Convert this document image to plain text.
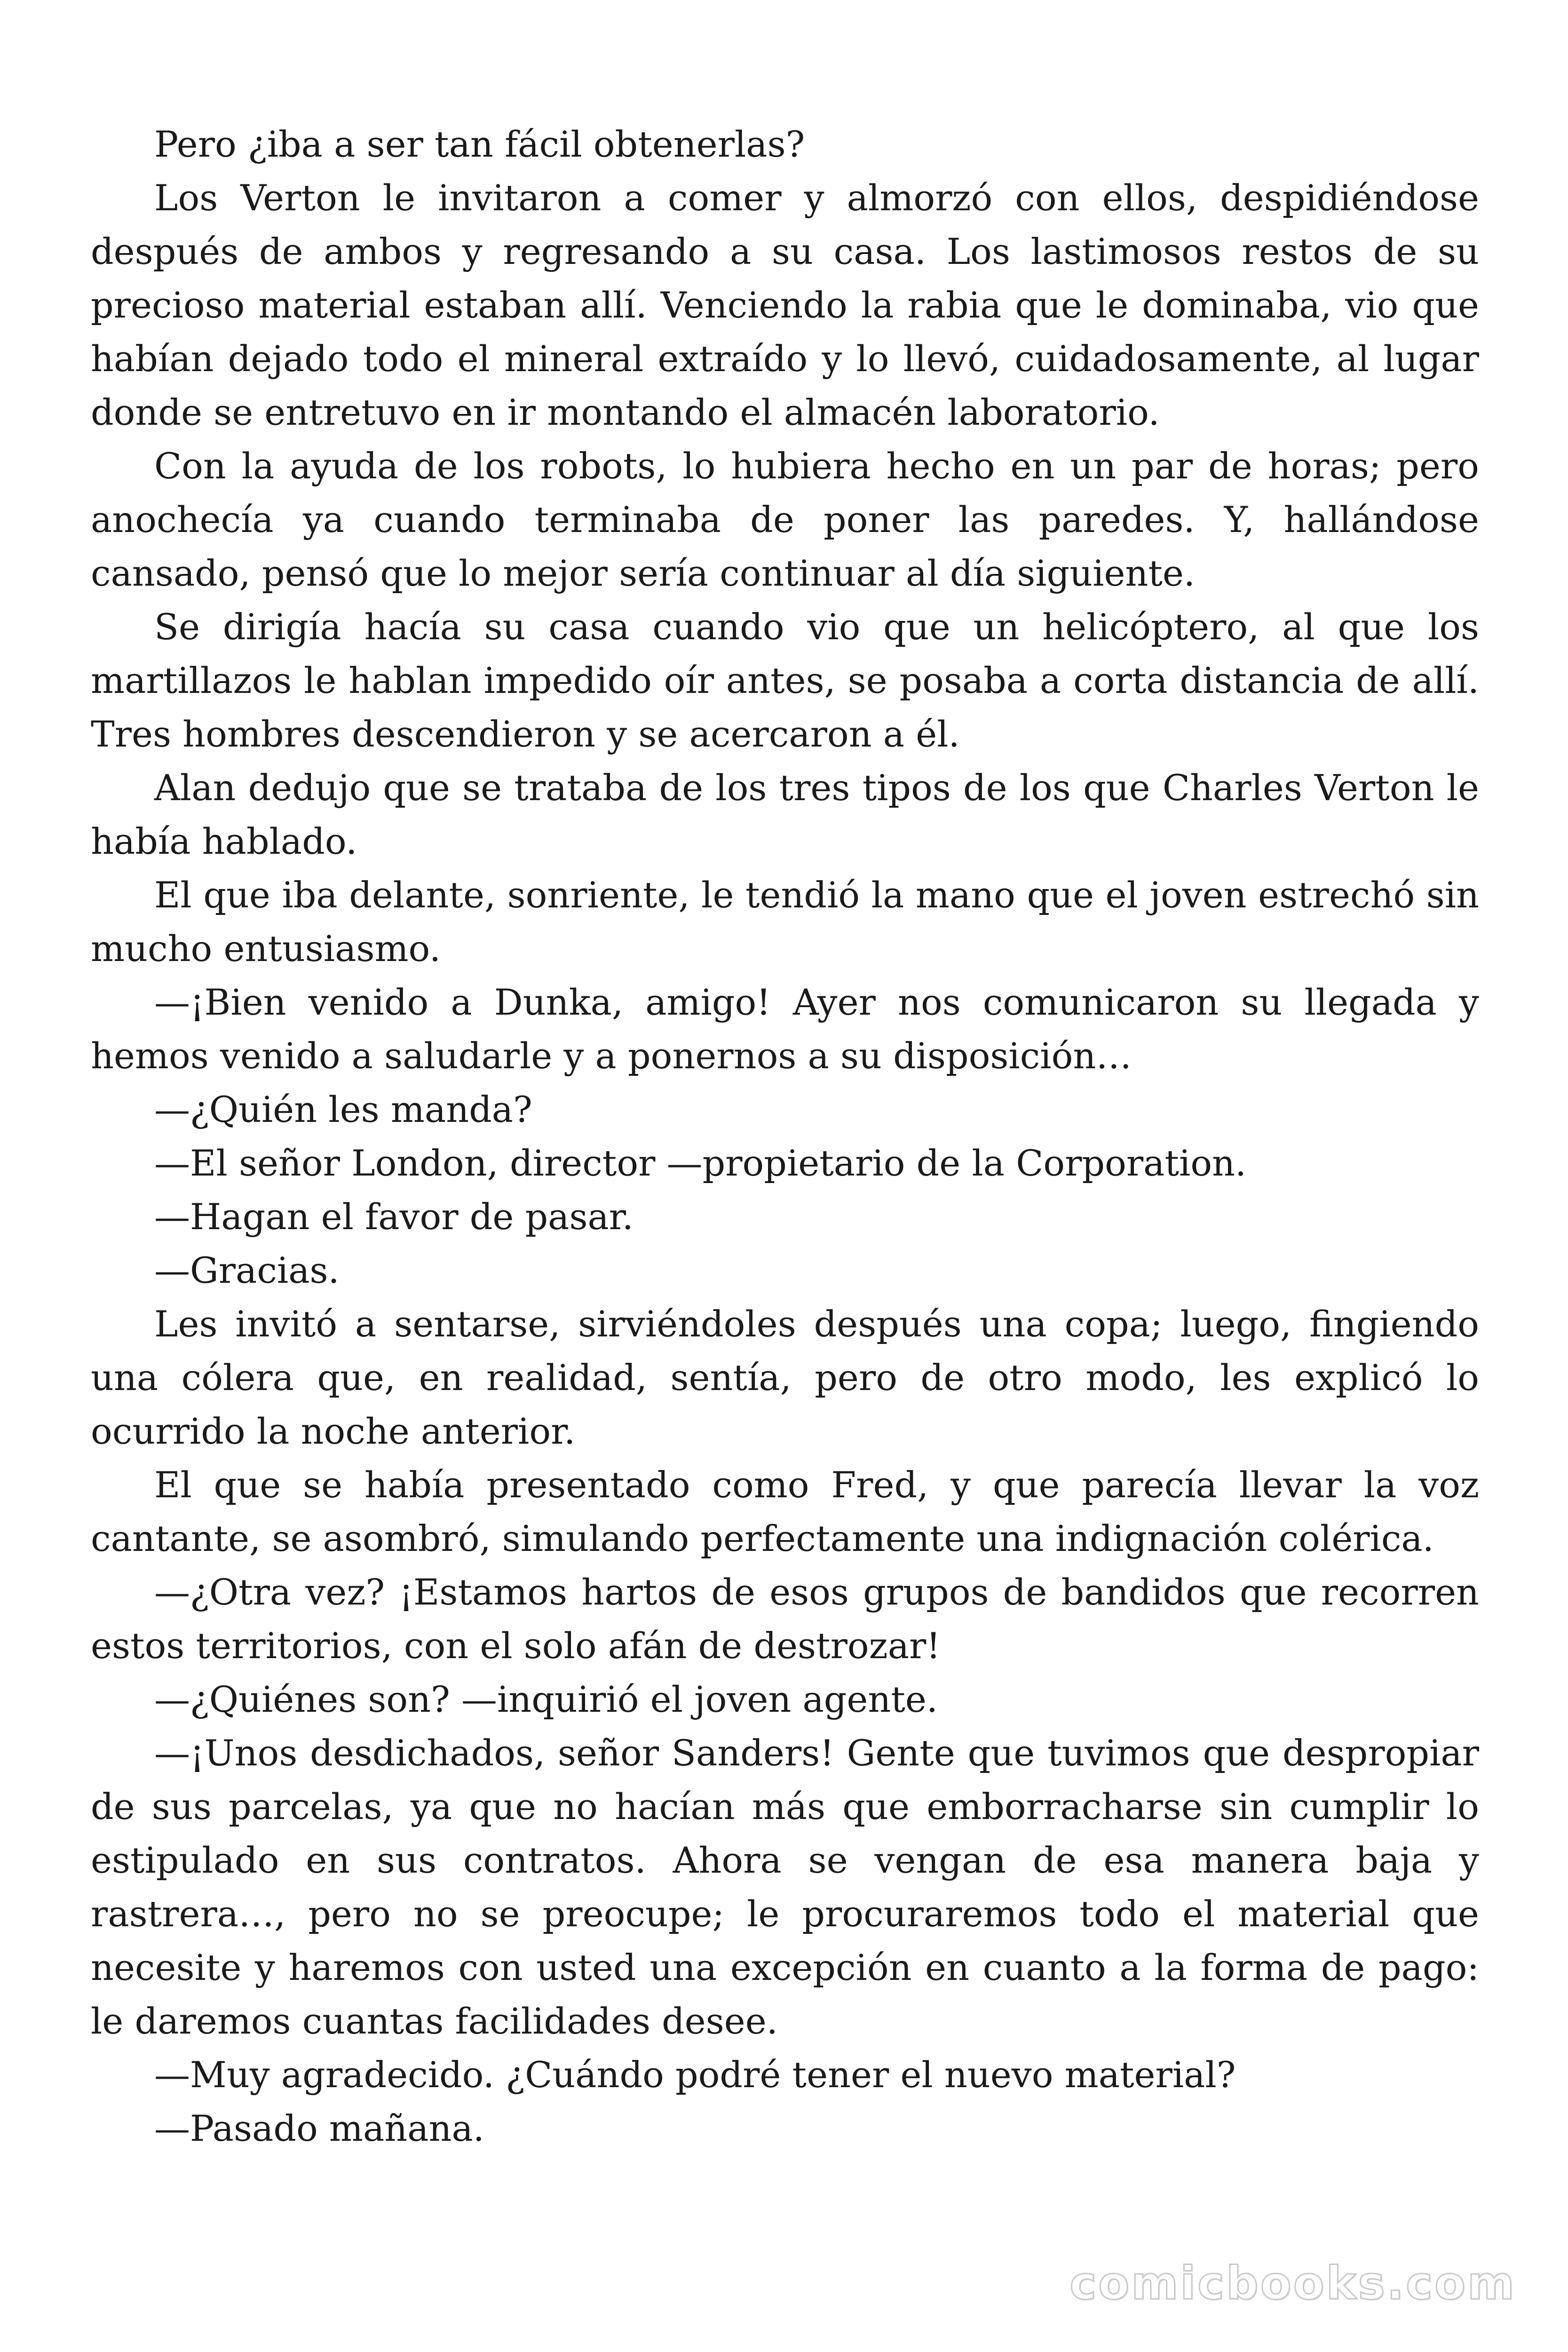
Pero ¿iba a ser tan fácil obtenerlas?

Los Verton le invitaron a comer y almorzó con ellos, despidiéndose después de ambos y regresando a su casa. Los lastimosos restos de su precioso material estaban allí. Venciendo la rabia que le dominaba, vio que habían dejado todo el mineral extraído y lo llevó, cuidadosamente, al lugar donde se entretuvo en ir montando el almacén laboratorio.

Con la ayuda de los robots, lo hubiera hecho en un par de horas; pero anochecía ya cuando terminaba de poner las paredes. Y, hallándose cansado, pensó que lo mejor sería continuar al día siguiente.

Se dirigía hacía su casa cuando vio que un helicóptero, al que los martillazos le hablan impedido oír antes, se posaba a corta distancia de allí. Tres hombres descendieron y se acercaron a él.

Alan dedujo que se trataba de los tres tipos de los que Charles Verton le había hablado.

El que iba delante, sonriente, le tendió la mano que el joven estrechó sin mucho entusiasmo.

—¡Bien venido a Dunka, amigo! Ayer nos comunicaron su llegada y hemos venido a saludarle y a ponernos a su disposición…

—¿Quién les manda?

—El señor London, director —propietario de la Corporation.

—Hagan el favor de pasar.

—Gracias.

Les invitó a sentarse, sirviéndoles después una copa; luego, fingiendo una cólera que, en realidad, sentía, pero de otro modo, les explicó lo ocurrido la noche anterior.

El que se había presentado como Fred, y que parecía llevar la voz cantante, se asombró, simulando perfectamente una indignación colérica.

—¿Otra vez? ¡Estamos hartos de esos grupos de bandidos que recorren estos territorios, con el solo afán de destrozar!

—¿Quiénes son? —inquirió el joven agente.

—¡Unos desdichados, señor Sanders! Gente que tuvimos que despropiar de sus parcelas, ya que no hacían más que emborracharse sin cumplir lo estipulado en sus contratos. Ahora se vengan de esa manera baja y rastrera…, pero no se preocupe; le procuraremos todo el material que necesite y haremos con usted una excepción en cuanto a la forma de pago: le daremos cuantas facilidades desee.

—Muy agradecido. ¿Cuándo podré tener el nuevo material?

—Pasado mañana.

comicbooks.com
